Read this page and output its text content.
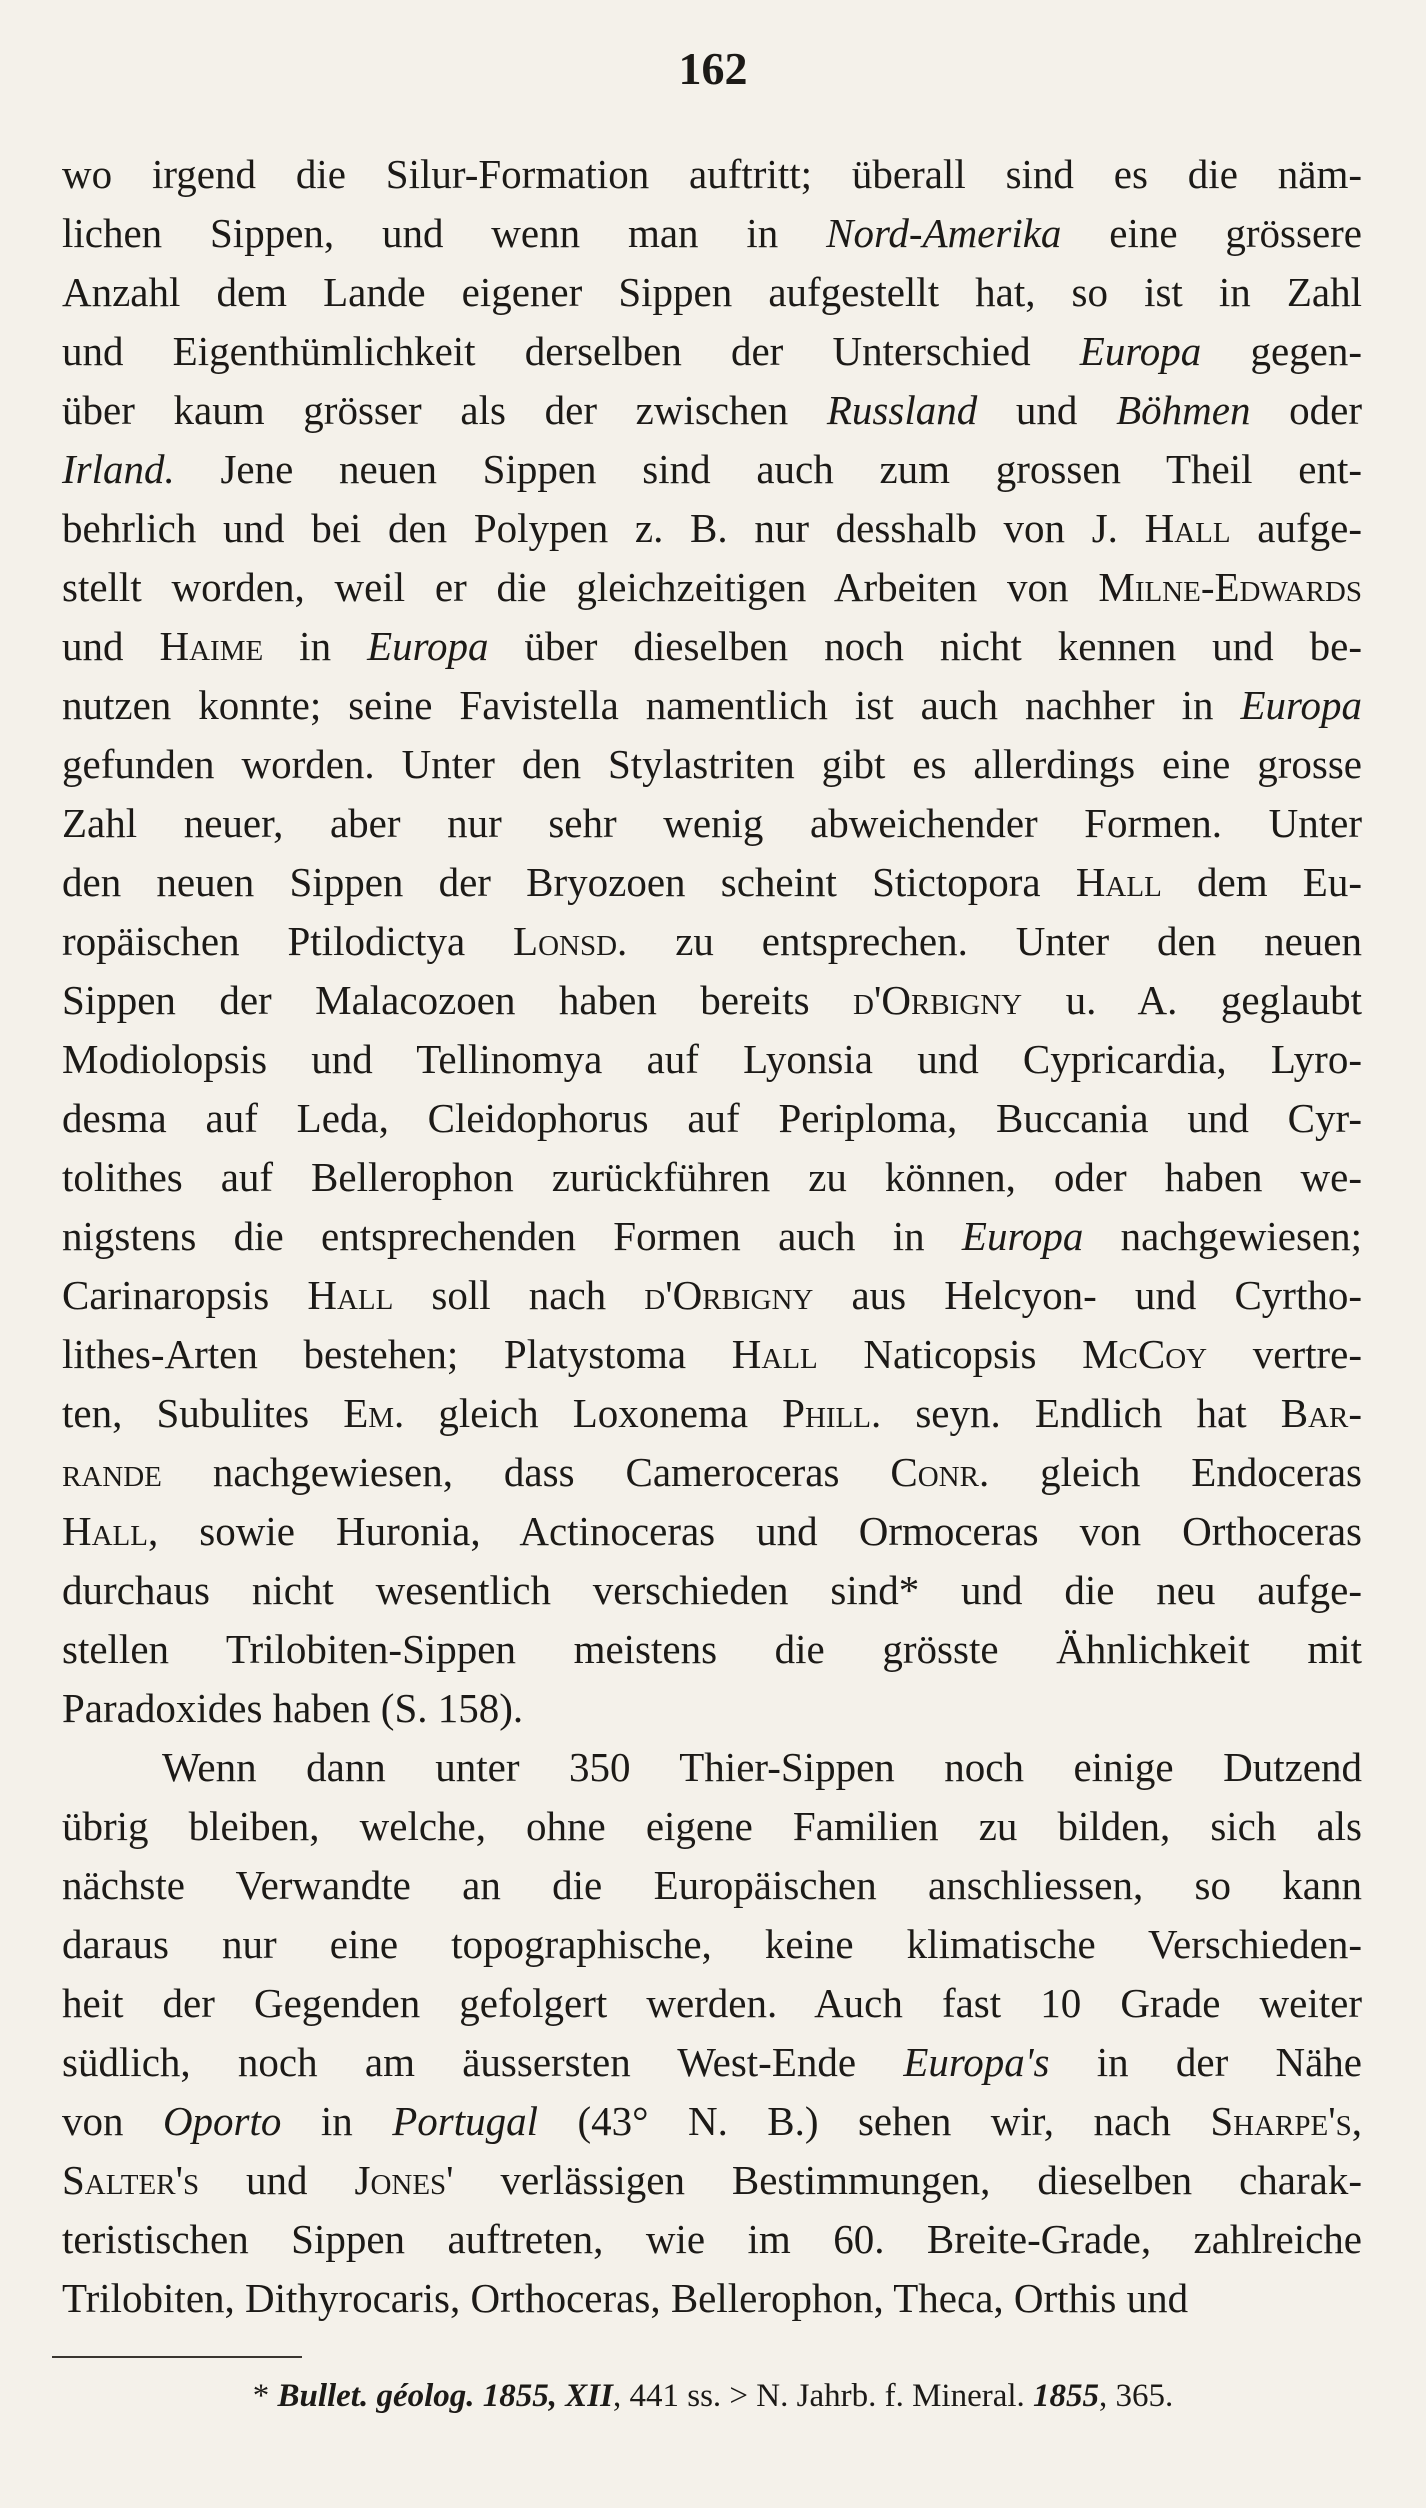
162
wo irgend die Silur-Formation auftritt; überall sind es die näm-
lichen Sippen, und wenn man in Nord-Amerika eine grössere
Anzahl dem Lande eigener Sippen aufgestellt hat, so ist in Zahl
und Eigenthümlichkeit derselben der Unterschied Europa gegen-
über kaum grösser als der zwischen Russland und Böhmen oder
Irland. Jene neuen Sippen sind auch zum grossen Theil ent-
behrlich und bei den Polypen z. B. nur desshalb von J. Hall aufge-
stellt worden, weil er die gleichzeitigen Arbeiten von Milne-Edwards
und Haime in Europa über dieselben noch nicht kennen und be-
nutzen konnte; seine Favistella namentlich ist auch nachher in Europa
gefunden worden. Unter den Stylastriten gibt es allerdings eine grosse
Zahl neuer, aber nur sehr wenig abweichender Formen. Unter
den neuen Sippen der Bryozoen scheint Stictopora Hall dem Eu-
ropäischen Ptilodictya Lonsd. zu entsprechen. Unter den neuen
Sippen der Malacozoen haben bereits d'Orbigny u. A. geglaubt
Modiolopsis und Tellinomya auf Lyonsia und Cypricardia, Lyro-
desma auf Leda, Cleidophorus auf Periploma, Buccania und Cyr-
tolithes auf Bellerophon zurückführen zu können, oder haben we-
nigstens die entsprechenden Formen auch in Europa nachgewiesen;
Carinaropsis Hall soll nach d'Orbigny aus Helcyon- und Cyrtho-
lithes-Arten bestehen; Platystoma Hall Naticopsis McCoy vertre-
ten, Subulites Em. gleich Loxonema Phill. seyn. Endlich hat Bar-
rande nachgewiesen, dass Cameroceras Conr. gleich Endoceras
Hall, sowie Huronia, Actinoceras und Ormoceras von Orthoceras
durchaus nicht wesentlich verschieden sind* und die neu aufge-
stellen Trilobiten-Sippen meistens die grösste Ähnlichkeit mit
Paradoxides haben (S. 158).
Wenn dann unter 350 Thier-Sippen noch einige Dutzend
übrig bleiben, welche, ohne eigene Familien zu bilden, sich als
nächste Verwandte an die Europäischen anschliessen, so kann
daraus nur eine topographische, keine klimatische Verschieden-
heit der Gegenden gefolgert werden. Auch fast 10 Grade weiter
südlich, noch am äussersten West-Ende Europa's in der Nähe
von Oporto in Portugal (43° N. B.) sehen wir, nach Sharpe's,
Salter's und Jones' verlässigen Bestimmungen, dieselben charak-
teristischen Sippen auftreten, wie im 60. Breite-Grade, zahlreiche
Trilobiten, Dithyrocaris, Orthoceras, Bellerophon, Theca, Orthis und
* Bullet. géolog. 1855, XII, 441 ss. > N. Jahrb. f. Mineral. 1855, 365.
